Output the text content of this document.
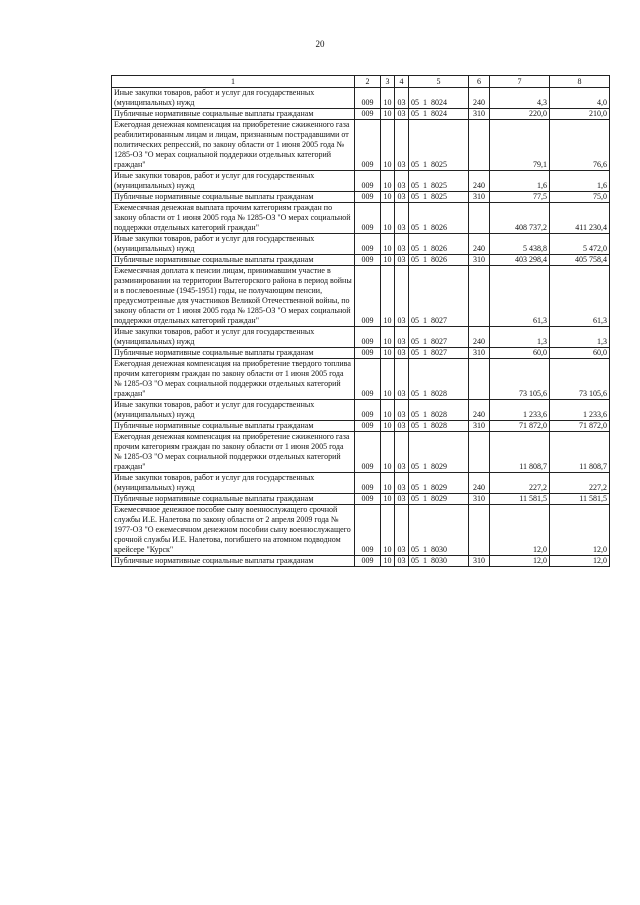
20
1	2	3	4	5	6	7	8
Иные закупки товаров, работ и услуг для государственных (муниципальных) нужд	009	10	03	05  1  8024	240	4,3	4,0
Публичные нормативные социальные выплаты гражданам	009	10	03	05  1  8024	310	220,0	210,0
Ежегодная денежная компенсация на приобретение сжиженного газа реабилитированным лицам и лицам, признанным пострадавшими от политических репрессий, по закону области от 1 июня 2005 года № 1285-ОЗ "О мерах социальной поддержки отдельных категорий граждан"	009	10	03	05  1  8025		79,1	76,6
Иные закупки товаров, работ и услуг для государственных (муниципальных) нужд	009	10	03	05  1  8025	240	1,6	1,6
Публичные нормативные социальные выплаты гражданам	009	10	03	05  1  8025	310	77,5	75,0
Ежемесячная денежная выплата прочим категориям граждан по закону области от 1 июня 2005 года № 1285-ОЗ "О мерах социальной поддержки отдельных категорий граждан"	009	10	03	05  1  8026		408 737,2	411 230,4
Иные закупки товаров, работ и услуг для государственных (муниципальных) нужд	009	10	03	05  1  8026	240	5 438,8	5 472,0
Публичные нормативные социальные выплаты гражданам	009	10	03	05  1  8026	310	403 298,4	405 758,4
Ежемесячная доплата к пенсии лицам, принимавшим участие в разминировании на территории Вытегорского района в период войны и в послевоенные (1945-1951) годы, не получающим пенсии, предусмотренные для участников Великой Отечественной войны, по закону области от 1 июня 2005 года № 1285-ОЗ "О мерах социальной поддержки отдельных категорий граждан"	009	10	03	05  1  8027		61,3	61,3
Иные закупки товаров, работ и услуг для государственных (муниципальных) нужд	009	10	03	05  1  8027	240	1,3	1,3
Публичные нормативные социальные выплаты гражданам	009	10	03	05  1  8027	310	60,0	60,0
Ежегодная денежная компенсация на приобретение твердого топлива прочим категориям граждан по закону области от 1 июня 2005 года № 1285-ОЗ "О мерах социальной поддержки отдельных категорий граждан"	009	10	03	05  1  8028		73 105,6	73 105,6
Иные закупки товаров, работ и услуг для государственных (муниципальных) нужд	009	10	03	05  1  8028	240	1 233,6	1 233,6
Публичные нормативные социальные выплаты гражданам	009	10	03	05  1  8028	310	71 872,0	71 872,0
Ежегодная денежная компенсация на приобретение сжиженного газа прочим категориям граждан по закону области от 1 июня 2005 года № 1285-ОЗ "О мерах социальной поддержки отдельных категорий граждан"	009	10	03	05  1  8029		11 808,7	11 808,7
Иные закупки товаров, работ и услуг для государственных (муниципальных) нужд	009	10	03	05  1  8029	240	227,2	227,2
Публичные нормативные социальные выплаты гражданам	009	10	03	05  1  8029	310	11 581,5	11 581,5
Ежемесячное денежное пособие сыну военнослужащего срочной службы И.Е. Налетова по закону области от 2 апреля 2009 года № 1977-ОЗ "О ежемесячном денежном пособии сыну военнослужащего срочной службы И.Е. Налетова, погибшего на атомном подводном крейсере "Курск"	009	10	03	05  1  8030		12,0	12,0
Публичные нормативные социальные выплаты гражданам	009	10	03	05  1  8030	310	12,0	12,0
